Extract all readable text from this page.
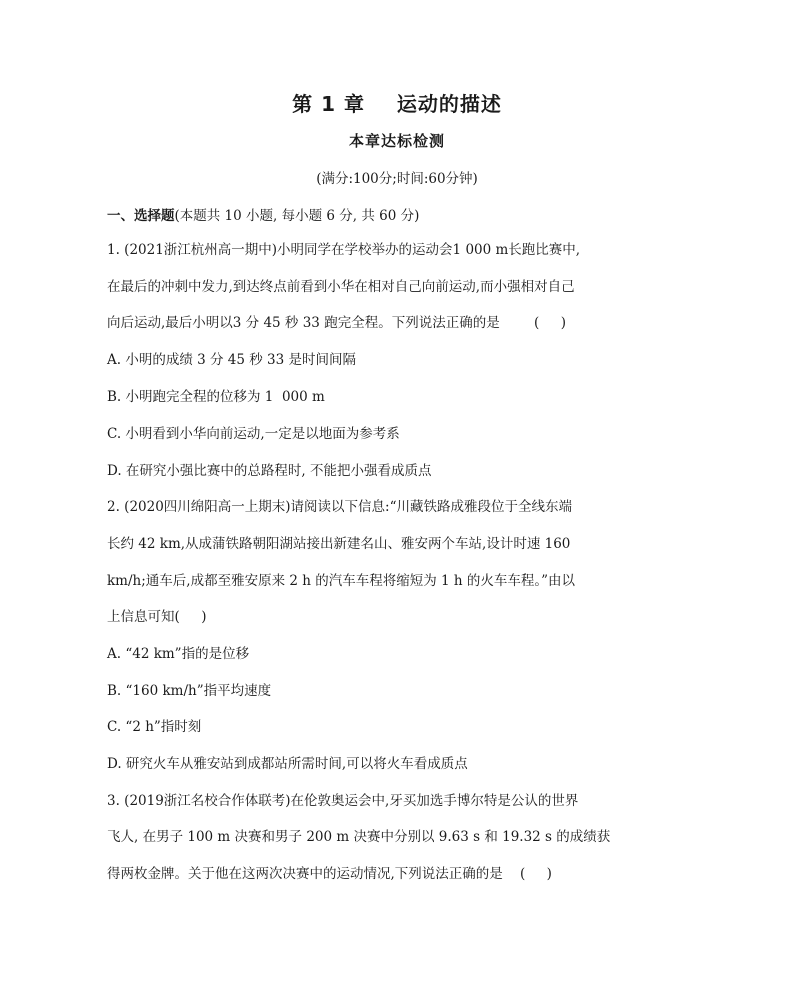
第 1 章    运动的描述
本章达标检测
(满分:100分;时间:60分钟)
一、选择题(本题共 10 小题, 每小题 6 分, 共 60 分)
1. (2021浙江杭州高一期中)小明同学在学校举办的运动会1 000 m长跑比赛中,
在最后的冲刺中发力,到达终点前看到小华在相对自己向前运动,而小强相对自己
向后运动,最后小明以3 分 45 秒 33 跑完全程。下列说法正确的是        (     )
A. 小明的成绩 3 分 45 秒 33 是时间间隔
B. 小明跑完全程的位移为 1  000 m
C. 小明看到小华向前运动,一定是以地面为参考系
D. 在研究小强比赛中的总路程时, 不能把小强看成质点
2. (2020四川绵阳高一上期末)请阅读以下信息:“川藏铁路成雅段位于全线东端
长约 42 km,从成蒲铁路朝阳湖站接出新建名山、雅安两个车站,设计时速 160
km/h;通车后,成都至雅安原来 2 h 的汽车车程将缩短为 1 h 的火车车程。”由以
上信息可知(     )
A. “42 km”指的是位移
B. “160 km/h”指平均速度
C. “2 h”指时刻
D. 研究火车从雅安站到成都站所需时间,可以将火车看成质点
3. (2019浙江名校合作体联考)在伦敦奥运会中,牙买加选手博尔特是公认的世界
飞人, 在男子 100 m 决赛和男子 200 m 决赛中分别以 9.63 s 和 19.32 s 的成绩获
得两枚金牌。关于他在这两次决赛中的运动情况,下列说法正确的是    (     )
